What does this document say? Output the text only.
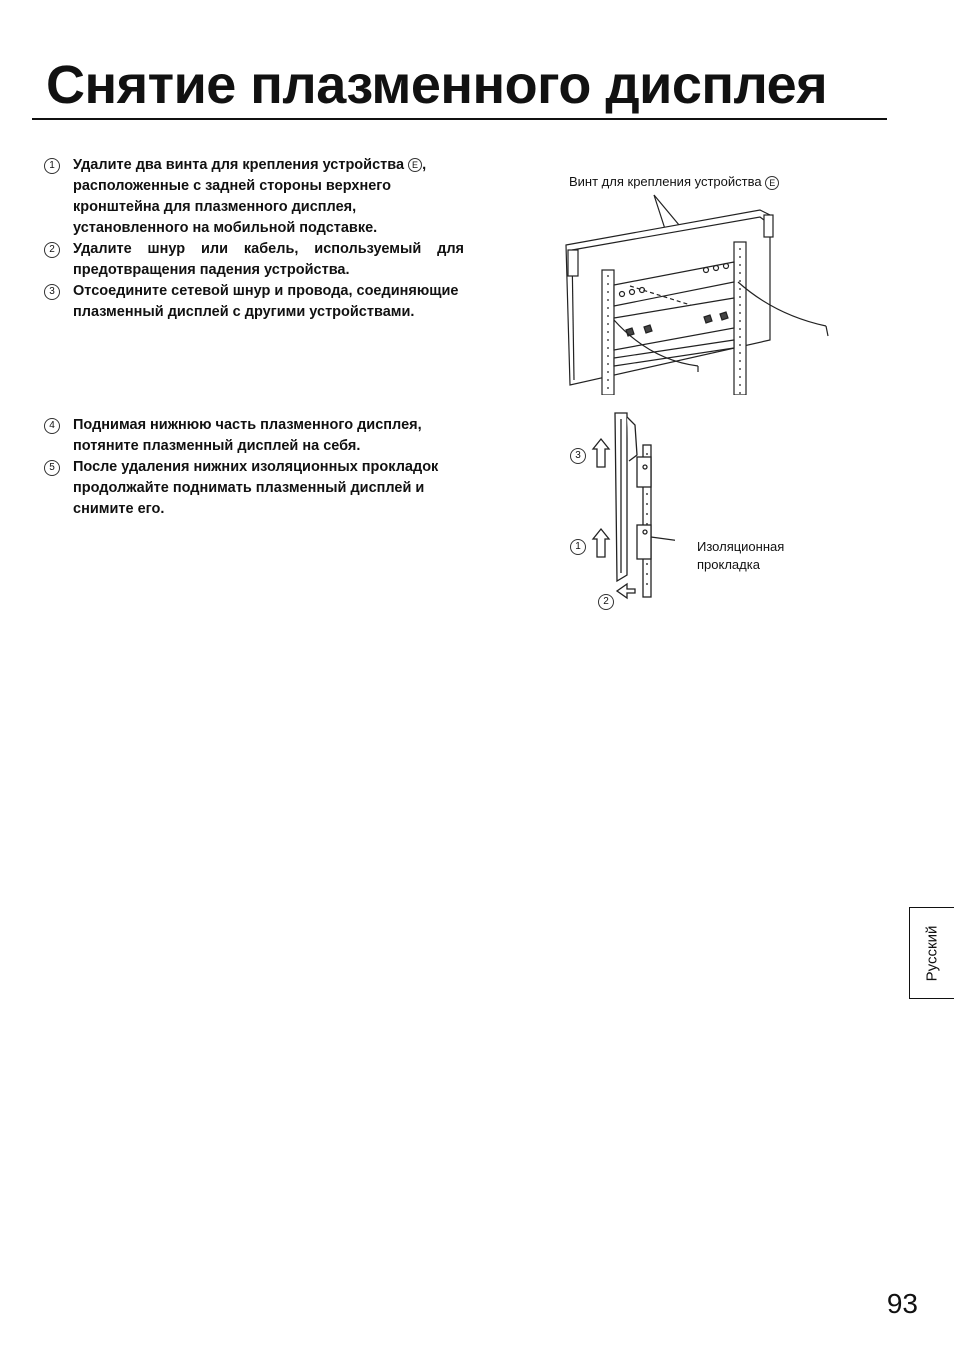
Снятие плазменного дисплея
1	Удалите два винта для крепления устройства E , расположенные с задней стороны верхнего кронштейна для плазменного дисплея, установленного на мобильной подставке.
2	Удалите шнур или кабель, используемый для предотвращения падения устройства.
3	Отсоедините сетевой шнур и провода, соединяющие плазменный дисплей с другими устройствами.
4	Поднимая нижнюю часть плазменного дисплея, потяните плазменный дисплей на себя.
5	После удаления нижних изоляционных прокладок продолжайте поднимать плазменный дисплей и снимите его.
Винт для крепления устройства E
3
1
2
Изоляционная
прокладка
Русский
93
